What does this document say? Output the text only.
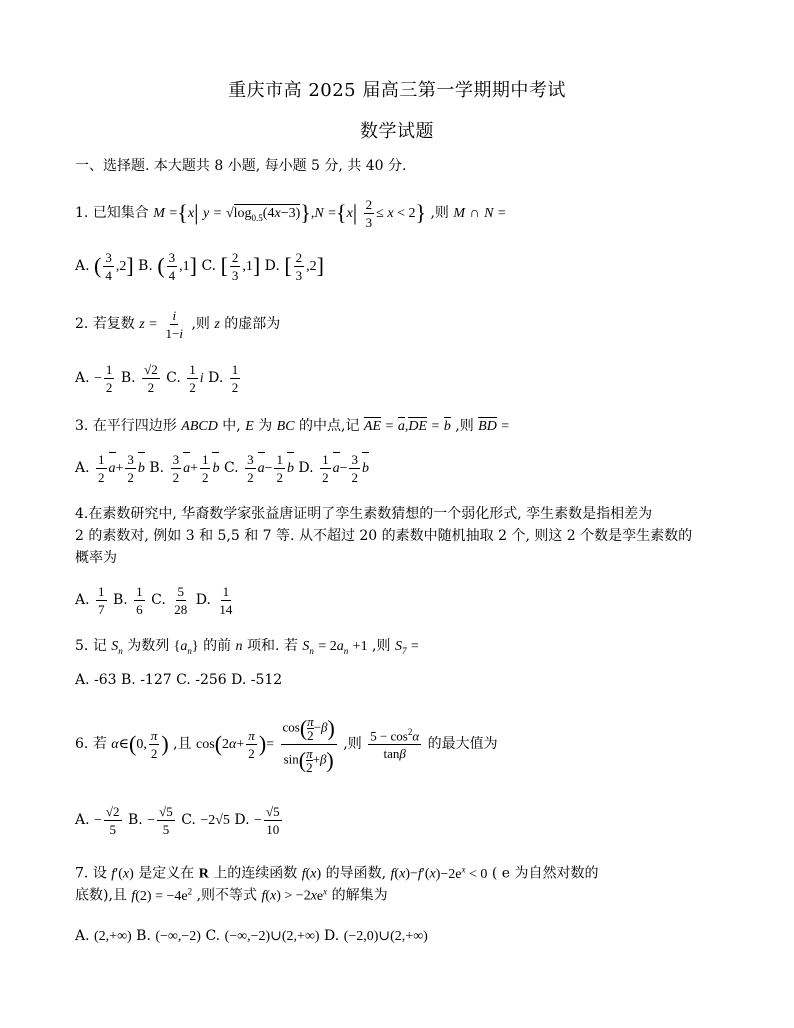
重庆市高 2025 届高三第一学期期中考试
数学试题
一、选择题. 本大题共 8 小题, 每小题 5 分, 共 40 分.
1. 已知集合 M ={x| $y = √\log_{0.5}(4x-3)\},N =\{x| \frac{2}{3} \le x < 2\}$ ,则 M ∩ N =
A. ( $\frac{3}{4} ,2$] B. ( $\frac{3}{4} ,1$] C. [ $\frac{2}{3} ,1$] D. [ $\frac{2}{3} ,2$]
2. 若复数 $z = \frac{i}{1-i}$ ,则 z 的虚部为
A. − $\frac{1}{2} B$. $\frac{√2}{2} C$. $\frac{1}{2}$ i D. $\frac{1}{2}$
3. 在平行四边形 ABCD 中, E 为 BC 的中点,记 AE = a,DE = b ,则 BD =
A. $\frac{1}{2} a+ \frac{3}{2}$ b B. $\frac{3}{2} a+ \frac{1}{2}$ b C. $\frac{3}{2} a- \frac{1}{2}$ b D. $\frac{1}{2} a- \frac{3}{2}$ b
4.在素数研究中, 华裔数学家张益唐证明了孪生素数猜想的一个弱化形式, 孪生素数是指相差为
2 的素数对, 例如 3 和 5,5 和 7 等. 从不超过 20 的素数中随机抽取 2 个, 则这 2 个数是孪生素数的
概率为
A. $\frac{1}{7} B$. $\frac{1}{6} C$. $\frac{5}{28} D$. $\frac{1}{14}$
5. 记 $S_n$ 为数列 $\{a_n\}$ 的前 n 项和. 若 $S_n = 2a_n +1$ ,则 $S_7$ =
A. -63 B. -127 C. -256 D. -512
6. 若 α∈(0, $\frac{\pi}{2}$ ) ,且 $\cos(2\alpha+ \frac{\pi}{2}$ )= $\frac{\cos( \frac{\pi}{2} -\beta)}{\sin( \frac{\pi}{2} +\beta)}$ ,则 $\frac{5 - \cos^2\alpha}{\tan\beta}$ 的最大值为
A. − $\frac{√2}{5} B$. − $\frac{√5}{5} C$. −2√5 D. − $\frac{√5}{10}$
7. 设 f′(x) 是定义在 R 上的连续函数 f(x) 的导函数, $f(x)-f'(x)-2e^x < 0$ ( e 为自然对数的
底数),且 $f(2) = -4e^2$ ,则不等式 $f(x) > -2xe^x$ 的解集为
A. (2,+∞) B. (−∞,−2) C. (−∞,−2)∪(2,+∞) D. (−2,0)∪(2,+∞)
